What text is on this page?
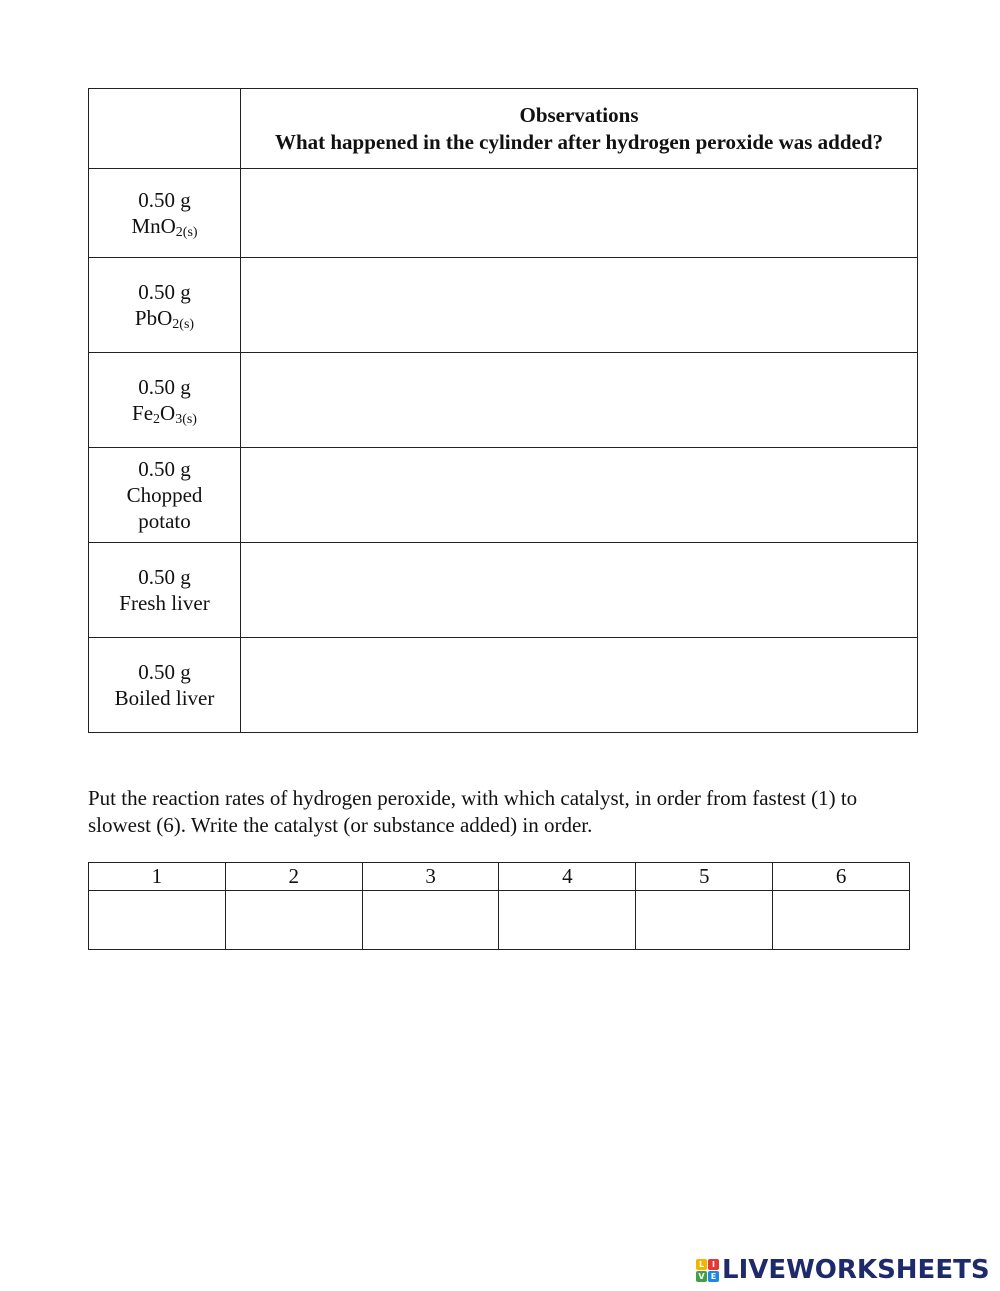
	Observations
What happened in the cylinder after hydrogen peroxide was added?

0.50 g
MnO2(s)

0.50 g
PbO2(s)

0.50 g
Fe2O3(s)

0.50 g
Chopped
potato

0.50 g
Fresh liver

0.50 g
Boiled liver

Put the reaction rates of hydrogen peroxide, with which catalyst, in order from fastest (1) to slowest (6). Write the catalyst (or substance added) in order.

1	2	3	4	5	6

L I
V E LIVEWORKSHEETS
